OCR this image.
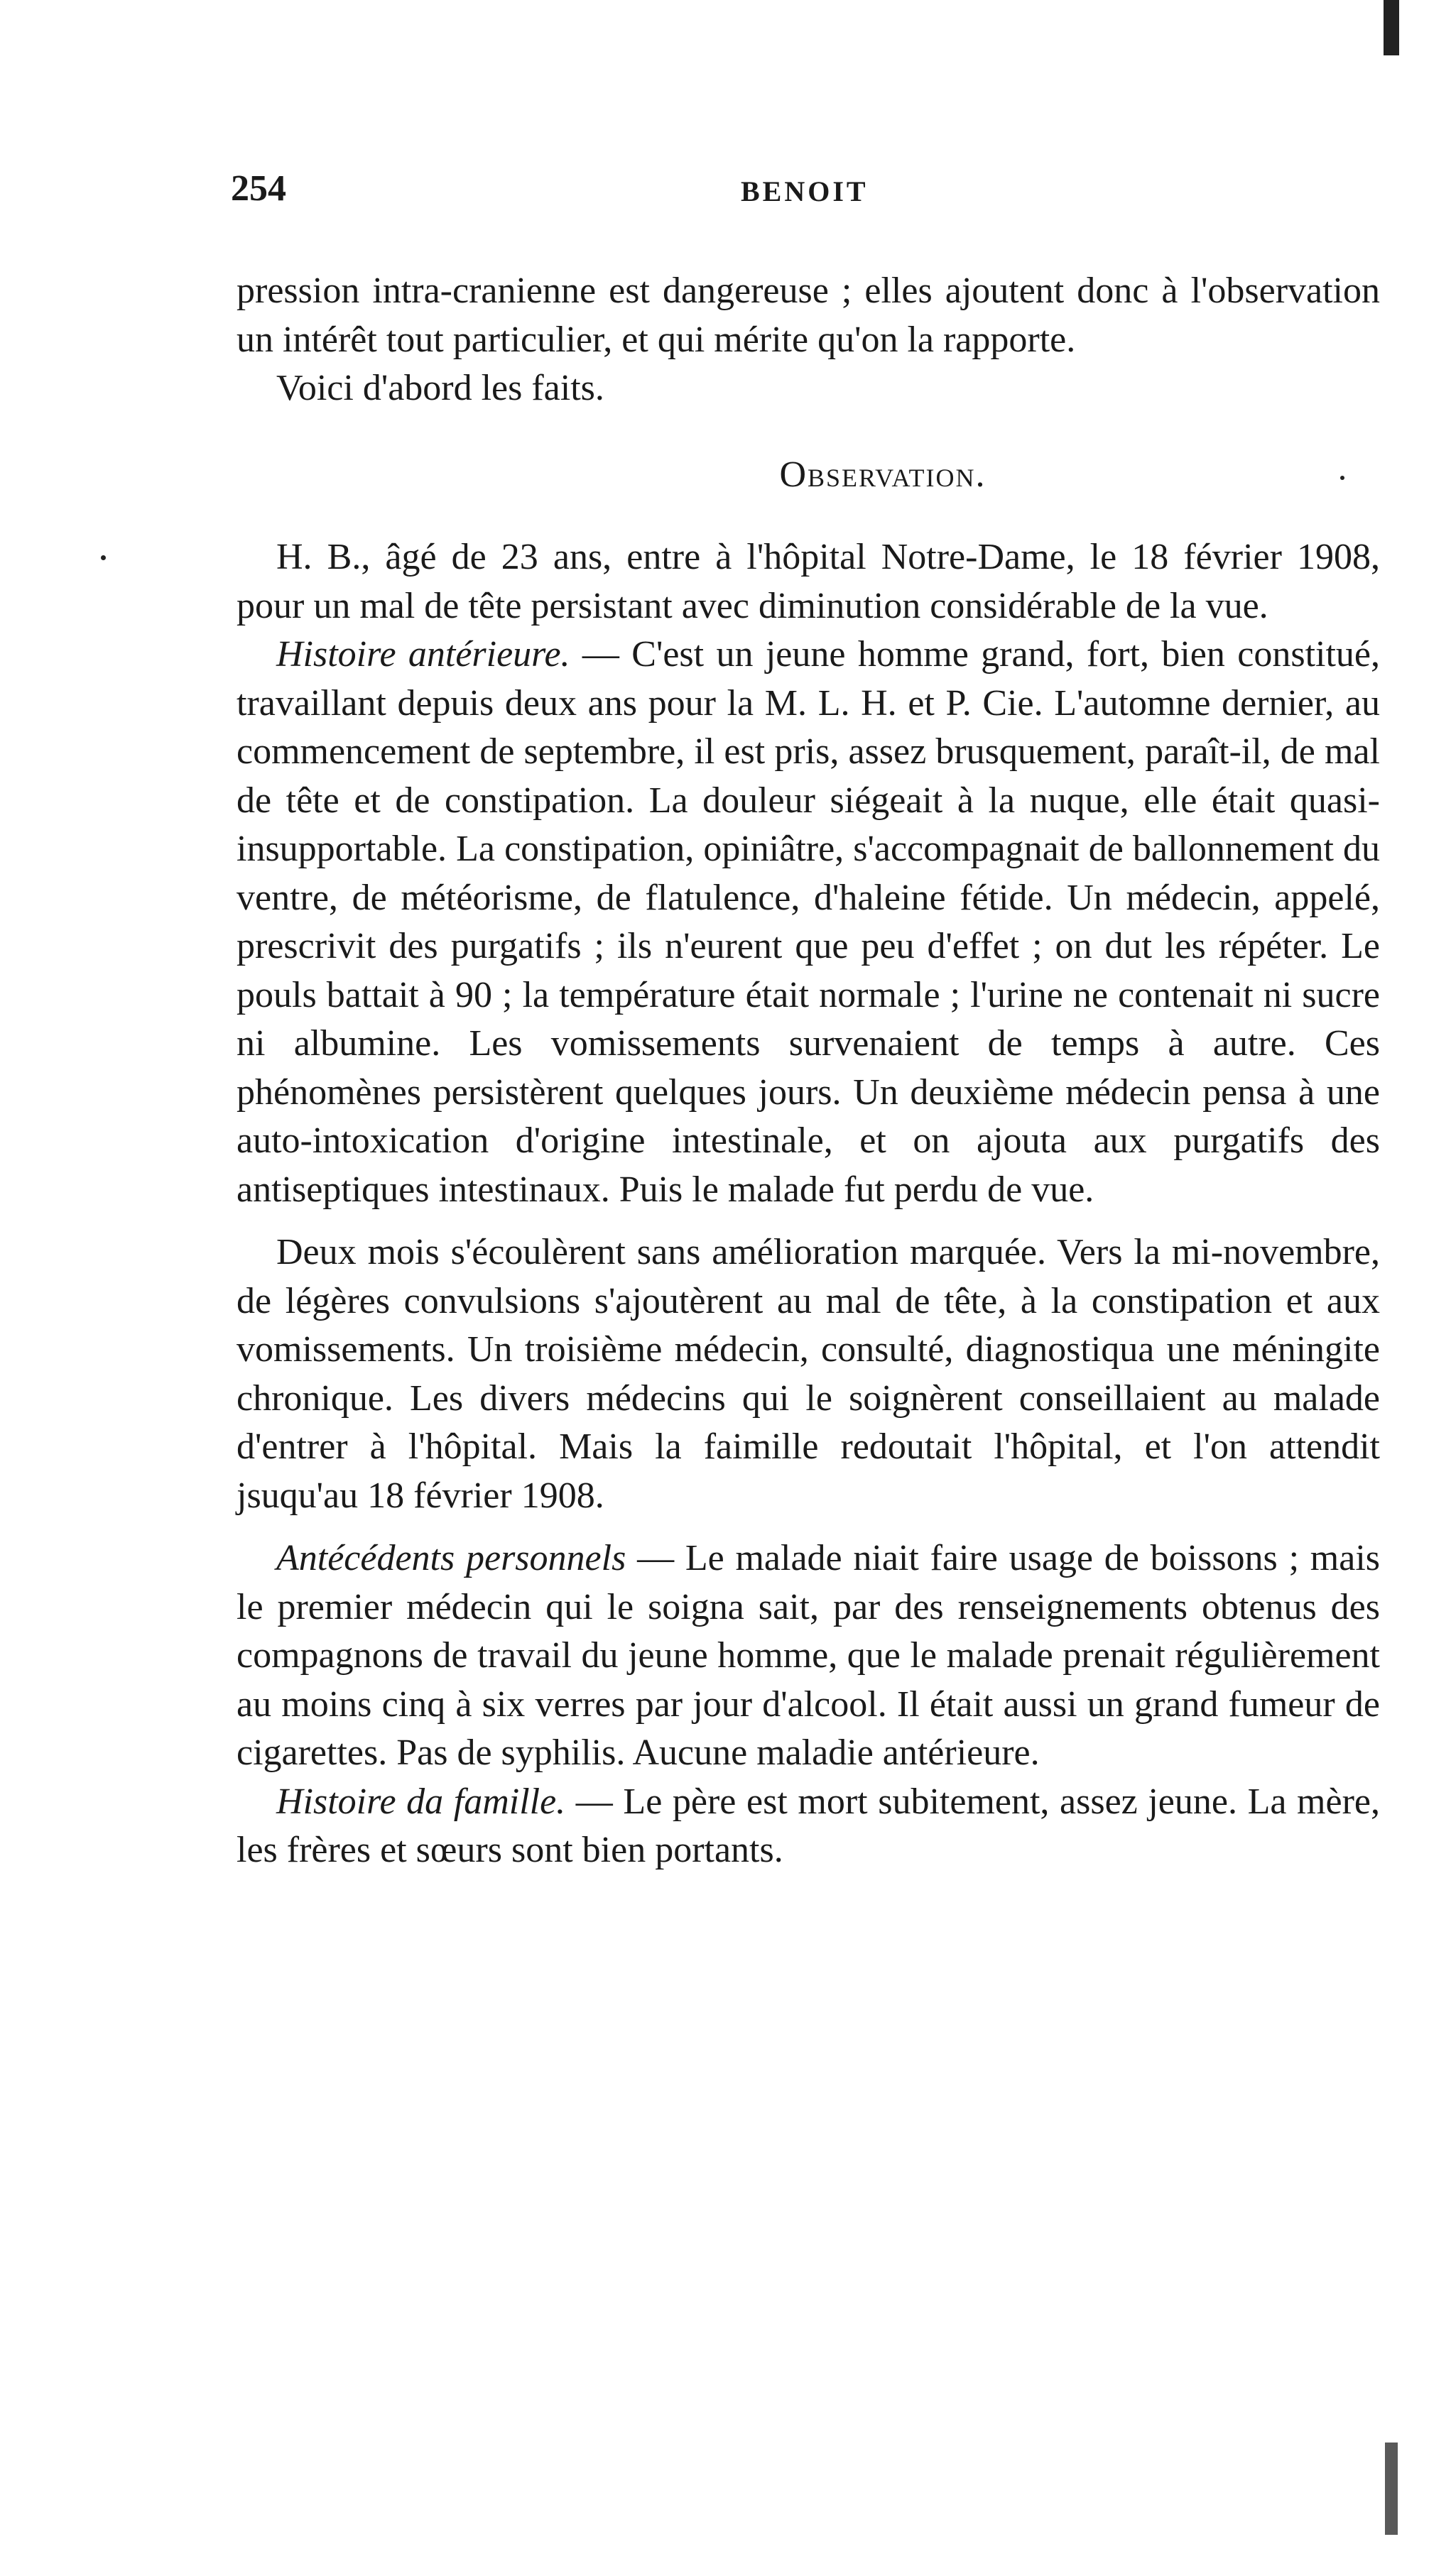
254	BENOIT

pression intra-cranienne est dangereuse ; elles ajoutent donc à l'observation un intérêt tout particulier, et qui mérite qu'on la rapporte.

Voici d'abord les faits.

Observation.

H. B., âgé de 23 ans, entre à l'hôpital Notre-Dame, le 18 février 1908, pour un mal de tête persistant avec diminution considérable de la vue.

Histoire antérieure. — C'est un jeune homme grand, fort, bien constitué, travaillant depuis deux ans pour la M. L. H. et P. Cie. L'automne dernier, au commencement de septembre, il est pris, assez brusquement, paraît-il, de mal de tête et de constipation. La douleur siégeait à la nuque, elle était quasi-insupportable. La constipation, opiniâtre, s'accompagnait de ballonnement du ventre, de météorisme, de flatulence, d'haleine fétide. Un médecin, appelé, prescrivit des purgatifs ; ils n'eurent que peu d'effet ; on dut les répéter. Le pouls battait à 90 ; la température était normale ; l'urine ne contenait ni sucre ni albumine. Les vomissements survenaient de temps à autre. Ces phénomènes persistèrent quelques jours. Un deuxième médecin pensa à une auto-intoxication d'origine intestinale, et on ajouta aux purgatifs des antiseptiques intestinaux. Puis le malade fut perdu de vue.

Deux mois s'écoulèrent sans amélioration marquée. Vers la mi-novembre, de légères convulsions s'ajoutèrent au mal de tête, à la constipation et aux vomissements. Un troisième médecin, consulté, diagnostiqua une méningite chronique. Les divers médecins qui le soignèrent conseillaient au malade d'entrer à l'hôpital. Mais la faimille redoutait l'hôpital, et l'on attendit jsuqu'au 18 février 1908.

Antécédents personnels — Le malade niait faire usage de boissons ; mais le premier médecin qui le soigna sait, par des renseignements obtenus des compagnons de travail du jeune homme, que le malade prenait régulièrement au moins cinq à six verres par jour d'alcool. Il était aussi un grand fumeur de cigarettes. Pas de syphilis. Aucune maladie antérieure.

Histoire da famille. — Le père est mort subitement, assez jeune. La mère, les frères et sœurs sont bien portants.
